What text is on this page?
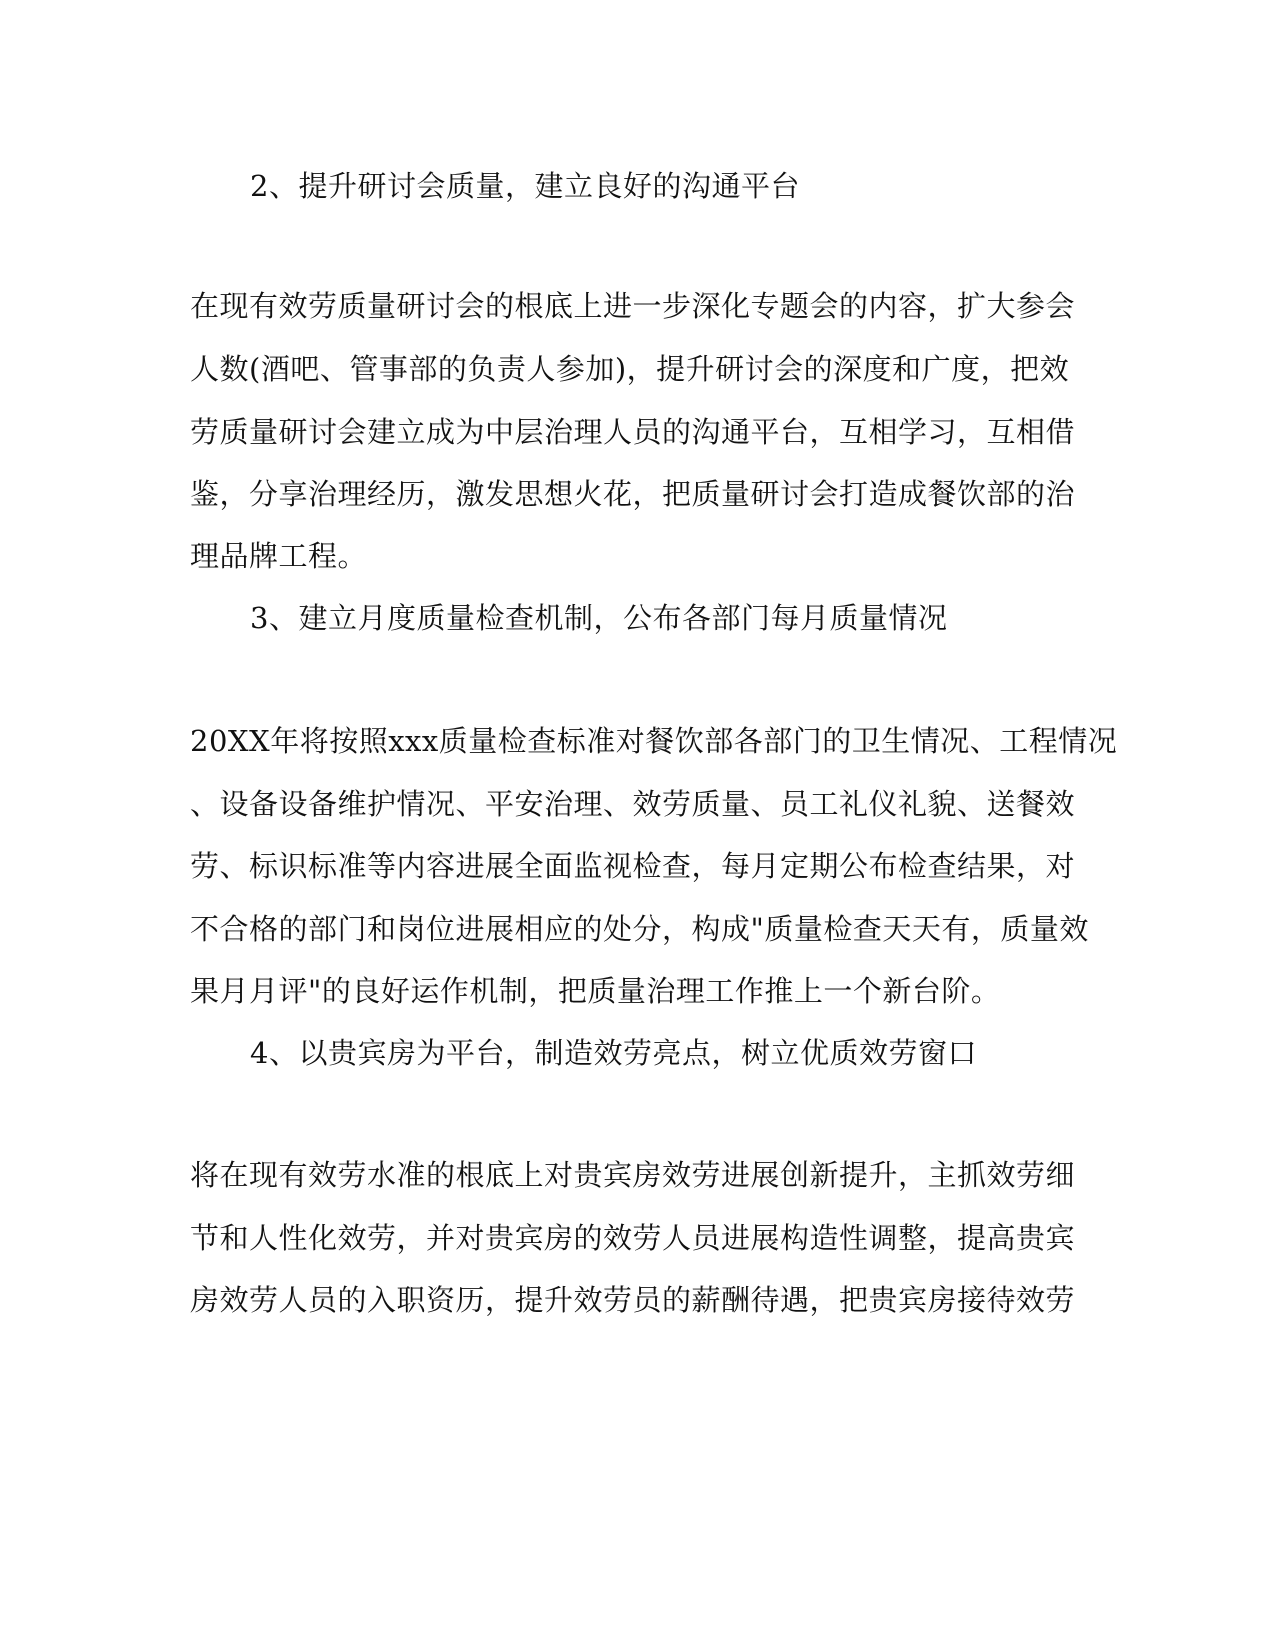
2、提升研讨会质量，建立良好的沟通平台
在现有效劳质量研讨会的根底上进一步深化专题会的内容，扩大参会
人数(酒吧、管事部的负责人参加)，提升研讨会的深度和广度，把效
劳质量研讨会建立成为中层治理人员的沟通平台，互相学习，互相借
鉴，分享治理经历，激发思想火花，把质量研讨会打造成餐饮部的治
理品牌工程。
3、建立月度质量检查机制，公布各部门每月质量情况
20XX年将按照xxx质量检查标准对餐饮部各部门的卫生情况、工程情况
、设备设备维护情况、平安治理、效劳质量、员工礼仪礼貌、送餐效
劳、标识标准等内容进展全面监视检查，每月定期公布检查结果，对
不合格的部门和岗位进展相应的处分，构成"质量检查天天有，质量效
果月月评"的良好运作机制，把质量治理工作推上一个新台阶。
4、以贵宾房为平台，制造效劳亮点，树立优质效劳窗口
将在现有效劳水准的根底上对贵宾房效劳进展创新提升，主抓效劳细
节和人性化效劳，并对贵宾房的效劳人员进展构造性调整，提高贵宾
房效劳人员的入职资历，提升效劳员的薪酬待遇，把贵宾房接待效劳
